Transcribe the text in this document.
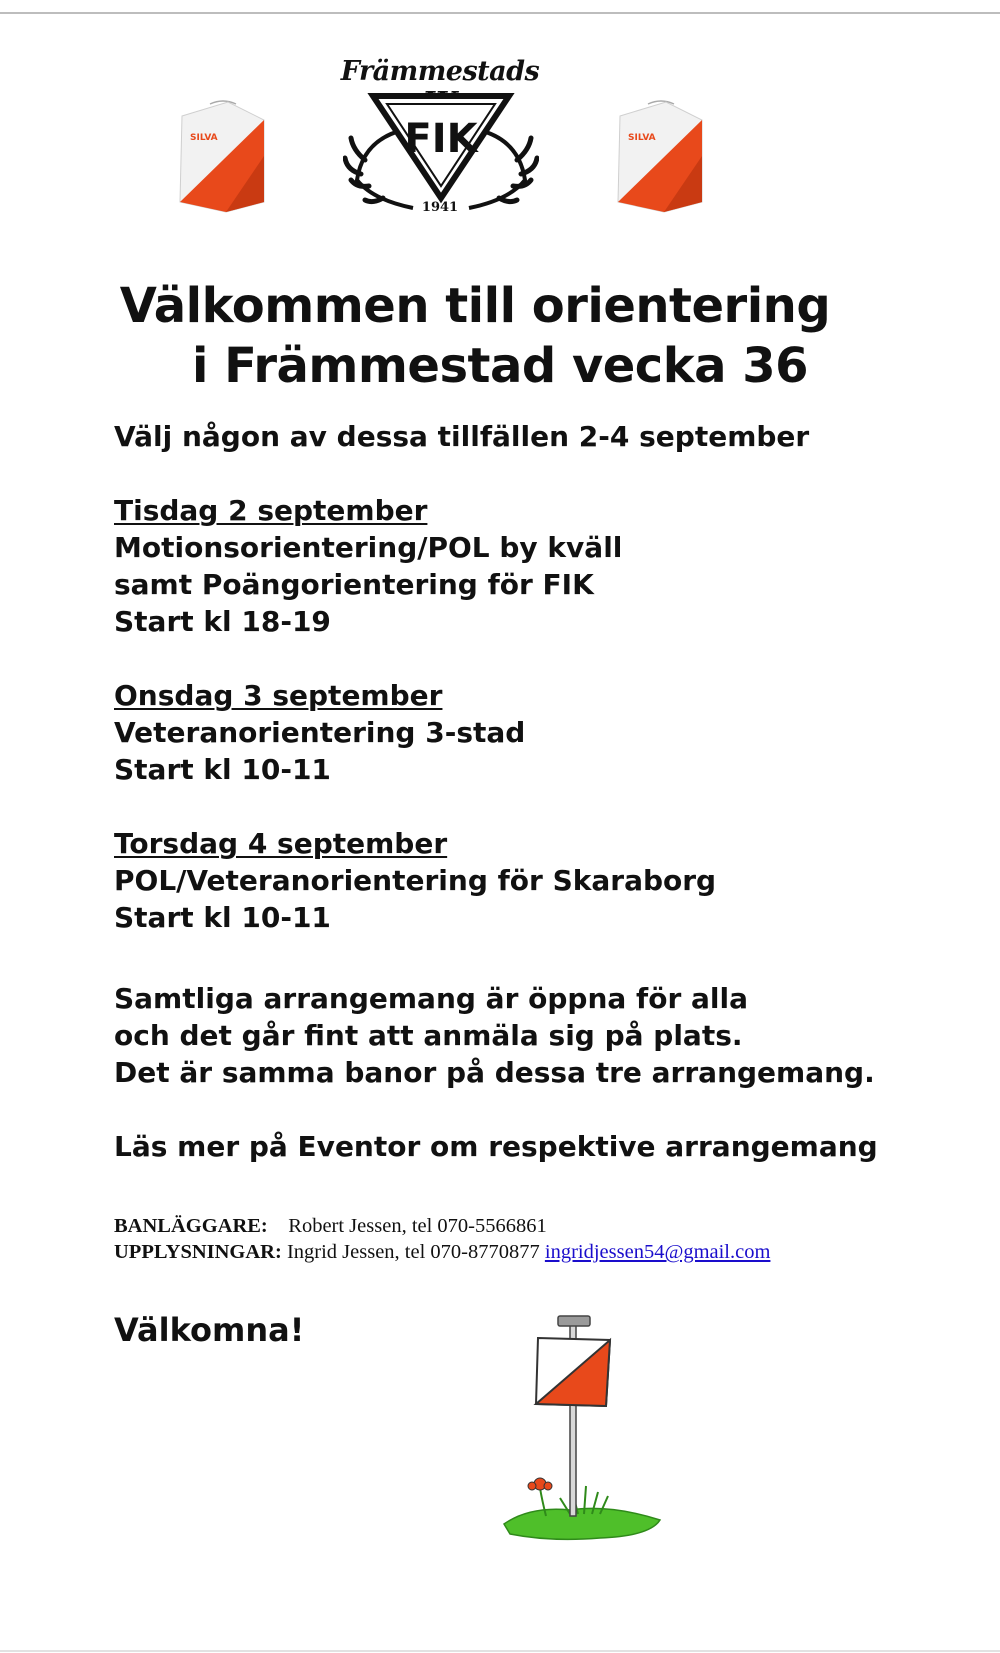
SILVA
Främmestads
FIK
1941
SILVA
Välkommen till orientering
i Främmestad vecka 36

Välj någon av dessa tillfällen 2-4 september

Tisdag 2 september

Motionsorientering/POL by kväll

samt Poängorientering för FIK

Start kl 18-19

Onsdag 3 september

Veteranorientering 3-stad

Start kl 10-11

Torsdag 4 september

POL/Veteranorientering för Skaraborg

Start kl 10-11

Samtliga arrangemang är öppna för alla

och det går fint att anmäla sig på plats.

Det är samma banor på dessa tre arrangemang.

Läs mer på Eventor om respektive arrangemang

BANLÄGGARE: Robert Jessen, tel 070-5566861
UPPLYSNINGAR: Ingrid Jessen, tel 070-8770877 ingridjessen54@gmail.com
Välkomna!
